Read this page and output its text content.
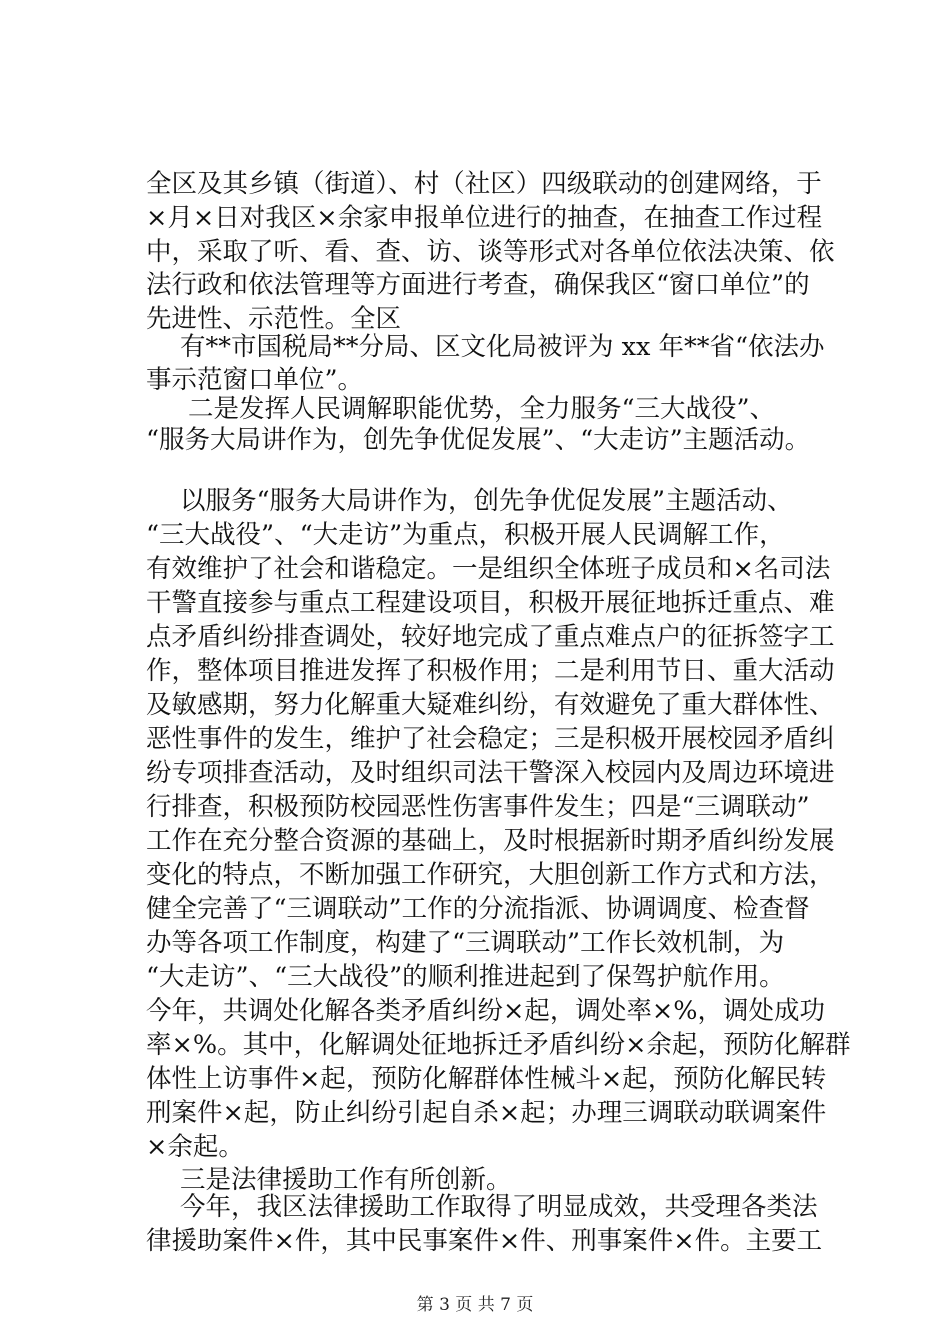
全区及其乡镇（街道）、村（社区）四级联动的创建网络，于
×月×日对我区×余家申报单位进行的抽查，在抽查工作过程
中，采取了听、看、查、访、谈等形式对各单位依法决策、依
法行政和依法管理等方面进行考查，确保我区“窗口单位”的
先进性、示范性。全区
有**市国税局**分局、区文化局被评为 xx 年**省“依法办
事示范窗口单位”。
二是发挥人民调解职能优势，全力服务“三大战役”、
“服务大局讲作为，创先争优促发展”、“大走访”主题活动。
以服务“服务大局讲作为，创先争优促发展”主题活动、
“三大战役”、“大走访”为重点，积极开展人民调解工作，
有效维护了社会和谐稳定。一是组织全体班子成员和×名司法
干警直接参与重点工程建设项目，积极开展征地拆迁重点、难
点矛盾纠纷排查调处，较好地完成了重点难点户的征拆签字工
作，整体项目推进发挥了积极作用；二是利用节日、重大活动
及敏感期，努力化解重大疑难纠纷，有效避免了重大群体性、
恶性事件的发生，维护了社会稳定；三是积极开展校园矛盾纠
纷专项排查活动，及时组织司法干警深入校园内及周边环境进
行排查，积极预防校园恶性伤害事件发生；四是“三调联动”
工作在充分整合资源的基础上，及时根据新时期矛盾纠纷发展
变化的特点，不断加强工作研究，大胆创新工作方式和方法，
健全完善了“三调联动”工作的分流指派、协调调度、检查督
办等各项工作制度，构建了“三调联动”工作长效机制，为
“大走访”、“三大战役”的顺利推进起到了保驾护航作用。
今年，共调处化解各类矛盾纠纷×起，调处率×%，调处成功
率×%。其中，化解调处征地拆迁矛盾纠纷×余起，预防化解群
体性上访事件×起，预防化解群体性械斗×起，预防化解民转
刑案件×起，防止纠纷引起自杀×起；办理三调联动联调案件
×余起。
三是法律援助工作有所创新。
今年，我区法律援助工作取得了明显成效，共受理各类法
律援助案件×件，其中民事案件×件、刑事案件×件。主要工
第 3 页 共 7 页
